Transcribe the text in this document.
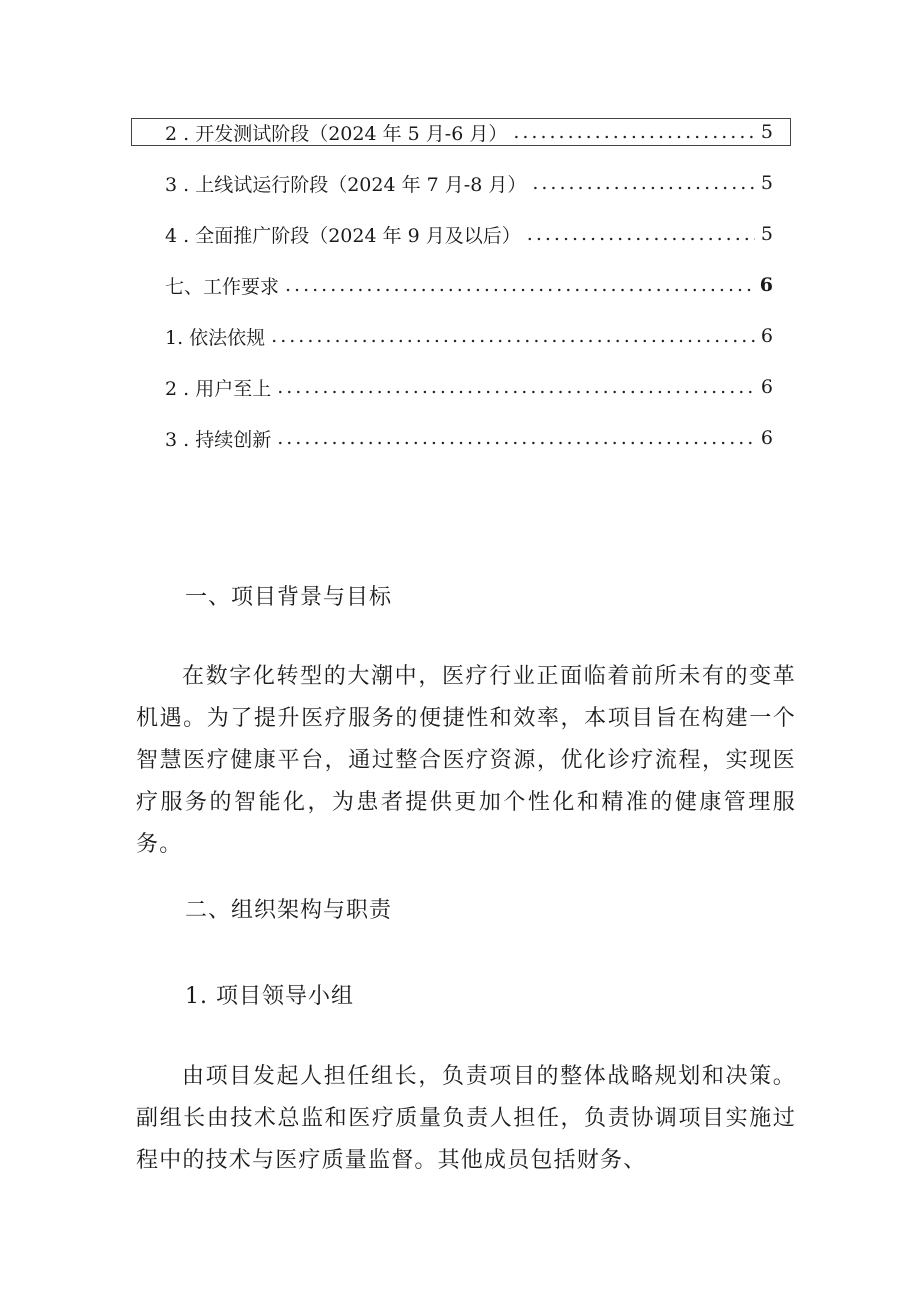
2 . 开发测试阶段（2024 年 5 月-6 月） .....	5
3 . 上线试运行阶段（2024 年 7 月-8 月） .....	5
4 . 全面推广阶段（2024 年 9 月及以后） .....	5
七、工作要求 .....	6
1. 依法依规 .....	6
2 . 用户至上 .....	6
3 . 持续创新 .....	6
一、项目背景与目标

在数字化转型的大潮中，医疗行业正面临着前所未有的变革机遇。为了提升医疗服务的便捷性和效率，本项目旨在构建一个智慧医疗健康平台，通过整合医疗资源，优化诊疗流程，实现医疗服务的智能化，为患者提供更加个性化和精准的健康管理服务。

二、组织架构与职责
1. 项目领导小组

由项目发起人担任组长，负责项目的整体战略规划和决策。副组长由技术总监和医疗质量负责人担任，负责协调项目实施过程中的技术与医疗质量监督。其他成员包括财务、
